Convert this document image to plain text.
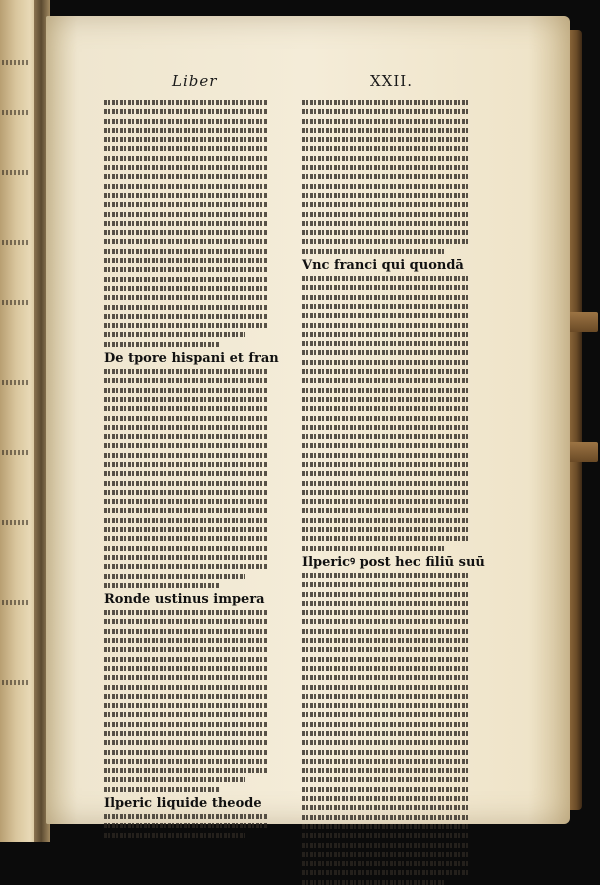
Liber	XXII.
De tpore hispani et fran
Ronde ustinus impera
Ilperic liquide theode
Vnc franci qui quondā
Ilpericꝰ post hec filiū suū
